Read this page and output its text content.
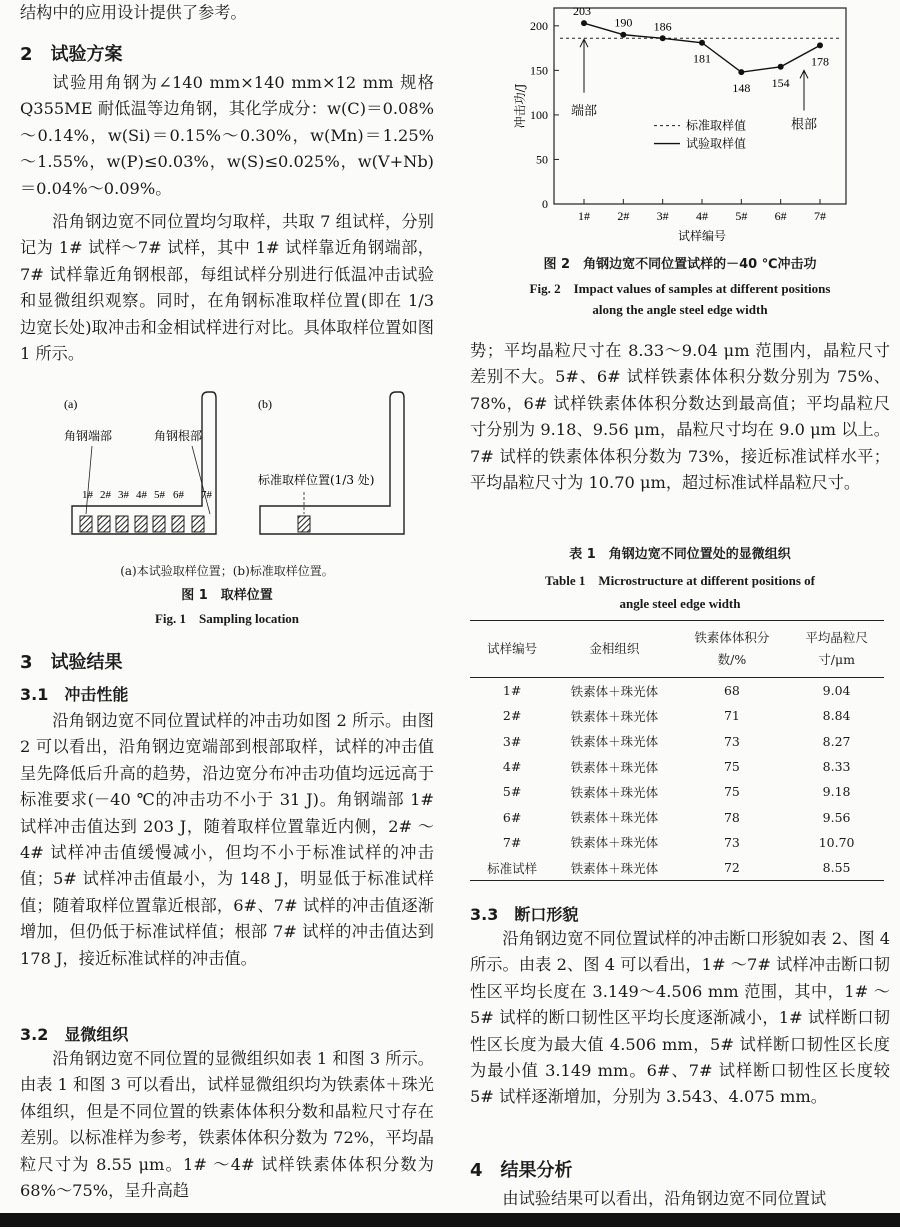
结构中的应用设计提供了参考。

2　试验方案

试验用角钢为∠140 mm×140 mm×12 mm 规格 Q355ME 耐低温等边角钢，其化学成分：w(C)＝0.08%～0.14%，w(Si)＝0.15%～0.30%，w(Mn)＝1.25%～1.55%，w(P)≤0.03%，w(S)≤0.025%，w(V+Nb)＝0.04%～0.09%。

沿角钢边宽不同位置均匀取样，共取 7 组试样，分别记为 1# 试样～7# 试样，其中 1# 试样靠近角钢端部，7# 试样靠近角钢根部，每组试样分别进行低温冲击试验和显微组织观察。同时，在角钢标准取样位置(即在 1/3 边宽长处)取冲击和金相试样进行对比。具体取样位置如图 1 所示。

(a)	(b)
角钢端部	角钢根部
1# 2# 3# 4# 5# 6# 7#
标准取样位置(1/3 处)
(a)本试验取样位置；(b)标准取样位置。
图 1　取样位置
Fig. 1　Sampling location
3　试验结果
3.1　冲击性能

沿角钢边宽不同位置试样的冲击功如图 2 所示。由图 2 可以看出，沿角钢边宽端部到根部取样，试样的冲击值呈先降低后升高的趋势，沿边宽分布冲击功值均远远高于标准要求(－40 ℃的冲击功不小于 31 J)。角钢端部 1# 试样冲击值达到 203 J，随着取样位置靠近内侧，2# ～4# 试样冲击值缓慢减小，但均不小于标准试样的冲击值；5# 试样冲击值最小，为 148 J，明显低于标准试样值；随着取样位置靠近根部，6#、7# 试样的冲击值逐渐增加，但仍低于标准试样值；根部 7# 试样的冲击值达到 178 J，接近标准试样的冲击值。

3.2　显微组织

沿角钢边宽不同位置的显微组织如表 1 和图 3 所示。由表 1 和图 3 可以看出，试样显微组织均为铁素体＋珠光体组织，但是不同位置的铁素体体积分数和晶粒尺寸存在差别。以标准样为参考，铁素体体积分数为 72%，平均晶粒尺寸为 8.55 μm。1# ～4# 试样铁素体体积分数为 68%～75%，呈升高趋

0
50
100
150
200
1# 2# 3# 4# 5# 6# 7#
试样编号
冲击功/J
203
190 186
181
148 154
178
端部
根部
标准取样值
试验取样值
图 2　角钢边宽不同位置试样的－40 ℃冲击功
Fig. 2　Impact values of samples at different positions
along the angle steel edge width

势；平均晶粒尺寸在 8.33～9.04 μm 范围内，晶粒尺寸差别不大。5#、6# 试样铁素体体积分数分别为 75%、78%，6# 试样铁素体体积分数达到最高值；平均晶粒尺寸分别为 9.18、9.56 μm，晶粒尺寸均在 9.0 μm 以上。7# 试样的铁素体体积分数为 73%，接近标准试样水平；平均晶粒尺寸为 10.70 μm，超过标准试样晶粒尺寸。

表 1　角钢边宽不同位置处的显微组织
Table 1　Microstructure at different positions of
angle steel edge width
试样编号	金相组织	铁素体体积分数/%	平均晶粒尺寸/μm
1#	铁素体＋珠光体	68	9.04
2#	铁素体＋珠光体	71	8.84
3#	铁素体＋珠光体	73	8.27
4#	铁素体＋珠光体	75	8.33
5#	铁素体＋珠光体	75	9.18
6#	铁素体＋珠光体	78	9.56
7#	铁素体＋珠光体	73	10.70
标准试样	铁素体＋珠光体	72	8.55
3.3　断口形貌

沿角钢边宽不同位置试样的冲击断口形貌如表 2、图 4 所示。由表 2、图 4 可以看出，1# ～7# 试样冲击断口韧性区平均长度在 3.149～4.506 mm 范围，其中，1# ～5# 试样的断口韧性区平均长度逐渐减小，1# 试样断口韧性区长度为最大值 4.506 mm，5# 试样断口韧性区长度为最小值 3.149 mm。6#、7# 试样断口韧性区长度较 5# 试样逐渐增加，分别为 3.543、4.075 mm。

4　结果分析

由试验结果可以看出，沿角钢边宽不同位置试
